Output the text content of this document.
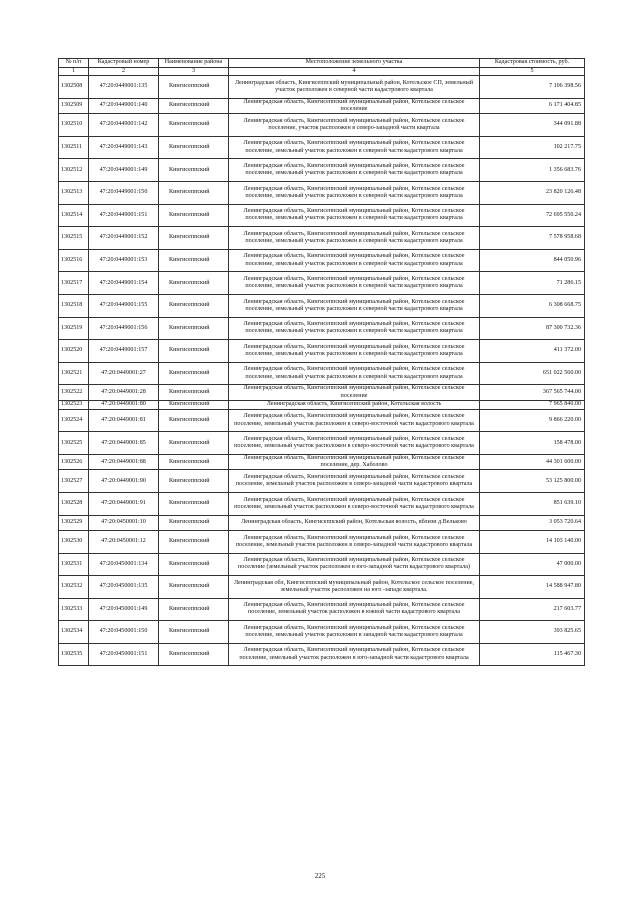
№ п/п	Кадастровый номер	Наименование района	Местоположение земельного участка	Кадастровая стоимость, руб.
1	2	3	4	5
1302508	47:20:0449001:135	Кингисеппский	Ленинградская область, Кингисеппский муниципальный район, Котельское СП, земельный участок расположен в северной части кадастрового квартала	7 106 398.56
1302509	47:20:0449001:140	Кингисеппский	Ленинградская область, Кингисеппский муниципальный район, Котельское сельское поселение	6 171 404.85
1302510	47:20:0449001:142	Кингисеппский	Ленинградская область, Кингисеппский муниципальный район, Котельское сельское поселение, участок расположен в северо-западной части квартала	344 091.88
1302511	47:20:0449001:143	Кингисеппский	Ленинградская область, Кингисеппский муниципальный район, Котельское сельское поселение, земельный участок расположен в северной части кадастрового квартала	102 217.75
1302512	47:20:0449001:149	Кингисеппский	Ленинградская область, Кингисеппский муниципальный район, Котельское сельское поселение, земельный участок расположен в северной части кадастрового квартала	1 356 683.76
1302513	47:20:0449001:150	Кингисеппский	Ленинградская область, Кингисеппский муниципальный район, Котельское сельское поселение, земельный участок расположен в северной части кадастрового квартала	23 820 126.48
1302514	47:20:0449001:151	Кингисеппский	Ленинградская область, Кингисеппский муниципальный район, Котельское сельское поселение, земельный участок расположен в северной части кадастрового квартала	72 695 550.24
1302515	47:20:0449001:152	Кингисеппский	Ленинградская область, Кингисеппский муниципальный район, Котельское сельское поселение, земельный участок расположен в северной части кадастрового квартала	7 578 958.68
1302516	47:20:0449001:153	Кингисеппский	Ленинградская область, Кингисеппский муниципальный район, Котельское сельское поселение, земельный участок расположен в северной части кадастрового квартала	844 050.96
1302517	47:20:0449001:154	Кингисеппский	Ленинградская область, Кингисеппский муниципальный район, Котельское сельское поселение, земельный участок расположен в северной части кадастрового квартала	71 286.15
1302518	47:20:0449001:155	Кингисеппский	Ленинградская область, Кингисеппский муниципальный район, Котельское сельское поселение, земельный участок расположен в северной части кадастрового квартала	6 308 668.75
1302519	47:20:0449001:156	Кингисеппский	Ленинградская область, Кингисеппский муниципальный район, Котельское сельское поселение, земельный участок расположен в северной части кадастрового квартала	87 300 732.36
1302520	47:20:0449001:157	Кингисеппский	Ленинградская область, Кингисеппский муниципальный район, Котельское сельское поселение, земельный участок расположен в северной части кадастрового квартала	411 372.00
1302521	47:20:0449001:27	Кингисеппский	Ленинградская область, Кингисеппский муниципальный район, Котельское сельское поселение, земельный участок расположен в северной части кадастрового квартала	651 022 560.00
1302522	47:20:0449001:28	Кингисеппский	Ленинградская область, Кингисеппский муниципальный район, Котельское сельское поселение	367 565 744.00
1302523	47:20:0449001:80	Кингисеппский	Ленинградская область, Кингисеппский район, Котельская волость	7 965 840.00
1302524	47:20:0449001:81	Кингисеппский	Ленинградская область, Кингисеппский муниципальный район, Котельское сельское поселение, земельный участок расположен в северо-восточной части кадастрового квартала	9 866 220.00
1302525	47:20:0449001:85	Кингисеппский	Ленинградская область, Кингисеппский муниципальный район, Котельское сельское поселение, земельный участок расположен в северо-восточной части кадастрового квартала	158 478.00
1302526	47:20:0449001:88	Кингисеппский	Ленинградская область, Кингисеппский муниципальный район, Котельское сельское поселение, дер. Хаболово	44 301 600.00
1302527	47:20:0449001:90	Кингисеппский	Ленинградская область, Кингисеппский муниципальный район, Котельское сельское поселение, земельный участок расположен в северо-западной части кадастрового квартала	53 125 800.00
1302528	47:20:0449001:91	Кингисеппский	Ленинградская область, Кингисеппский муниципальный район, Котельское сельское поселение, земельный участок расположен в северо-восточной части кадастрового квартала	851 639.10
1302529	47:20:0450001:10	Кингисеппский	Ленинградская область, Кингисеппский район, Котельская волость, вблизи д.Вельково	3 053 720.64
1302530	47:20:0450001:12	Кингисеппский	Ленинградская область, Кингисеппский муниципальный район, Котельское сельское поселение, земельный участок расположен в северо-западной части кадастрового квартала	14 103 140.00
1302531	47:20:0450001:134	Кингисеппский	Ленинградская область, Кингисеппский муниципальный район, Котельское сельское поселение (земельный участок расположен в юго-западной части кадастрового квартала)	47 000.00
1302532	47:20:0450001:135	Кингисеппский	Ленинградская обл, Кингисеппский муниципальный район, Котельское сельское поселение, земельный участок расположен на юго -западе квартала.	14 588 947.80
1302533	47:20:0450001:149	Кингисеппский	Ленинградская область, Кингисеппский муниципальный район, Котельское сельское поселение, земельный участок расположен в южной части кадастрового квартала	217 603.77
1302534	47:20:0450001:150	Кингисеппский	Ленинградская область, Кингисеппский муниципальный район, Котельское сельское поселение, земельный участок расположен в западной части кадастрового квартала	393 825.65
1302535	47:20:0450001:151	Кингисеппский	Ленинградская область, Кингисеппский муниципальный район, Котельское сельское поселение, земельный участок расположен в юго-западной части кадастрового квартала	115 467.30
225
